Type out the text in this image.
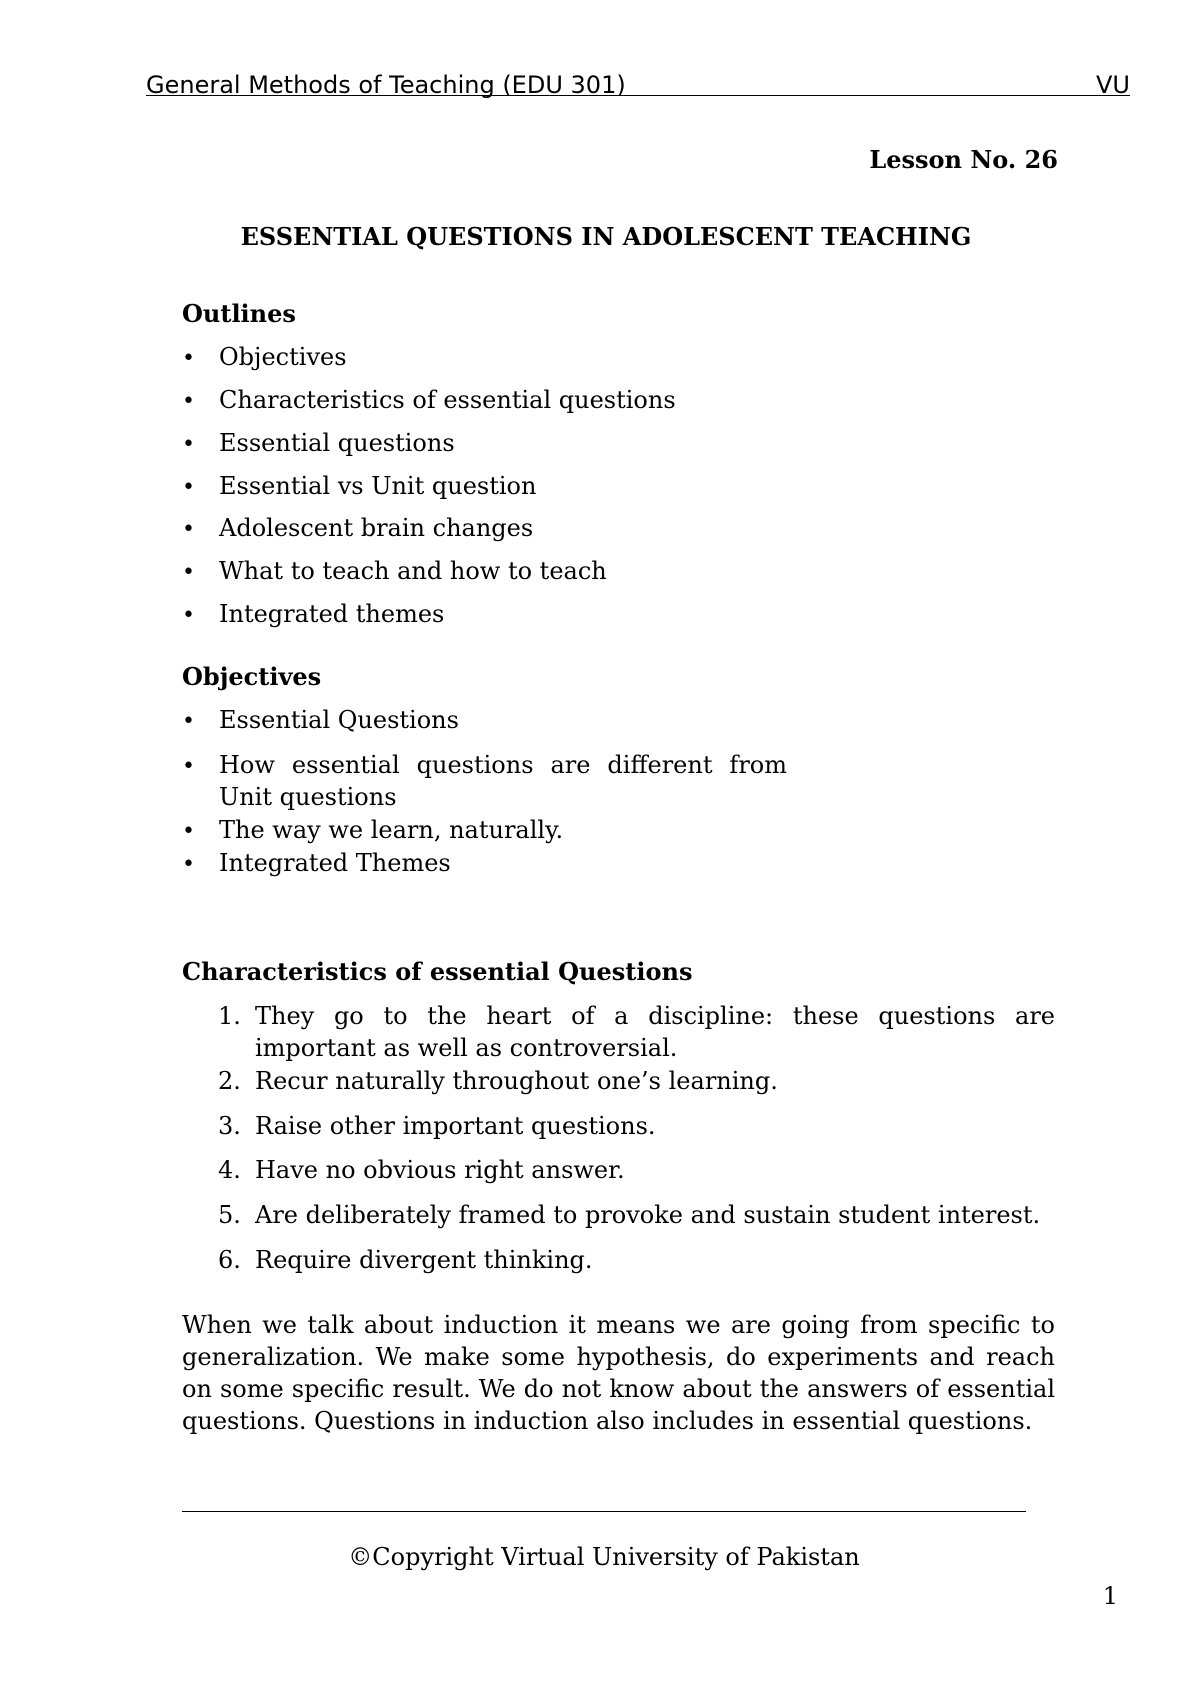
General Methods of Teaching (EDU 301)	VU
Lesson No. 26
ESSENTIAL QUESTIONS IN ADOLESCENT TEACHING
Outlines
• Objectives
• Characteristics of essential questions
• Essential questions
• Essential vs Unit question
• Adolescent brain changes
• What to teach and how to teach
• Integrated themes
Objectives
• Essential Questions
•	How essential questions are different from Unit questions
• The way we learn, naturally.
• Integrated Themes
Characteristics of essential Questions
1. They go to the heart of a discipline: these questions are important as well as controversial.
2. Recur naturally throughout one’s learning.
3. Raise other important questions.
4. Have no obvious right answer.
5. Are deliberately framed to provoke and sustain student interest.
6. Require divergent thinking.
When we talk about induction it means we are going from specific to generalization. We make some hypothesis, do experiments and reach on some specific result. We do not know about the answers of essential questions. Questions in induction also includes in essential questions.
©Copyright Virtual University of Pakistan
1
